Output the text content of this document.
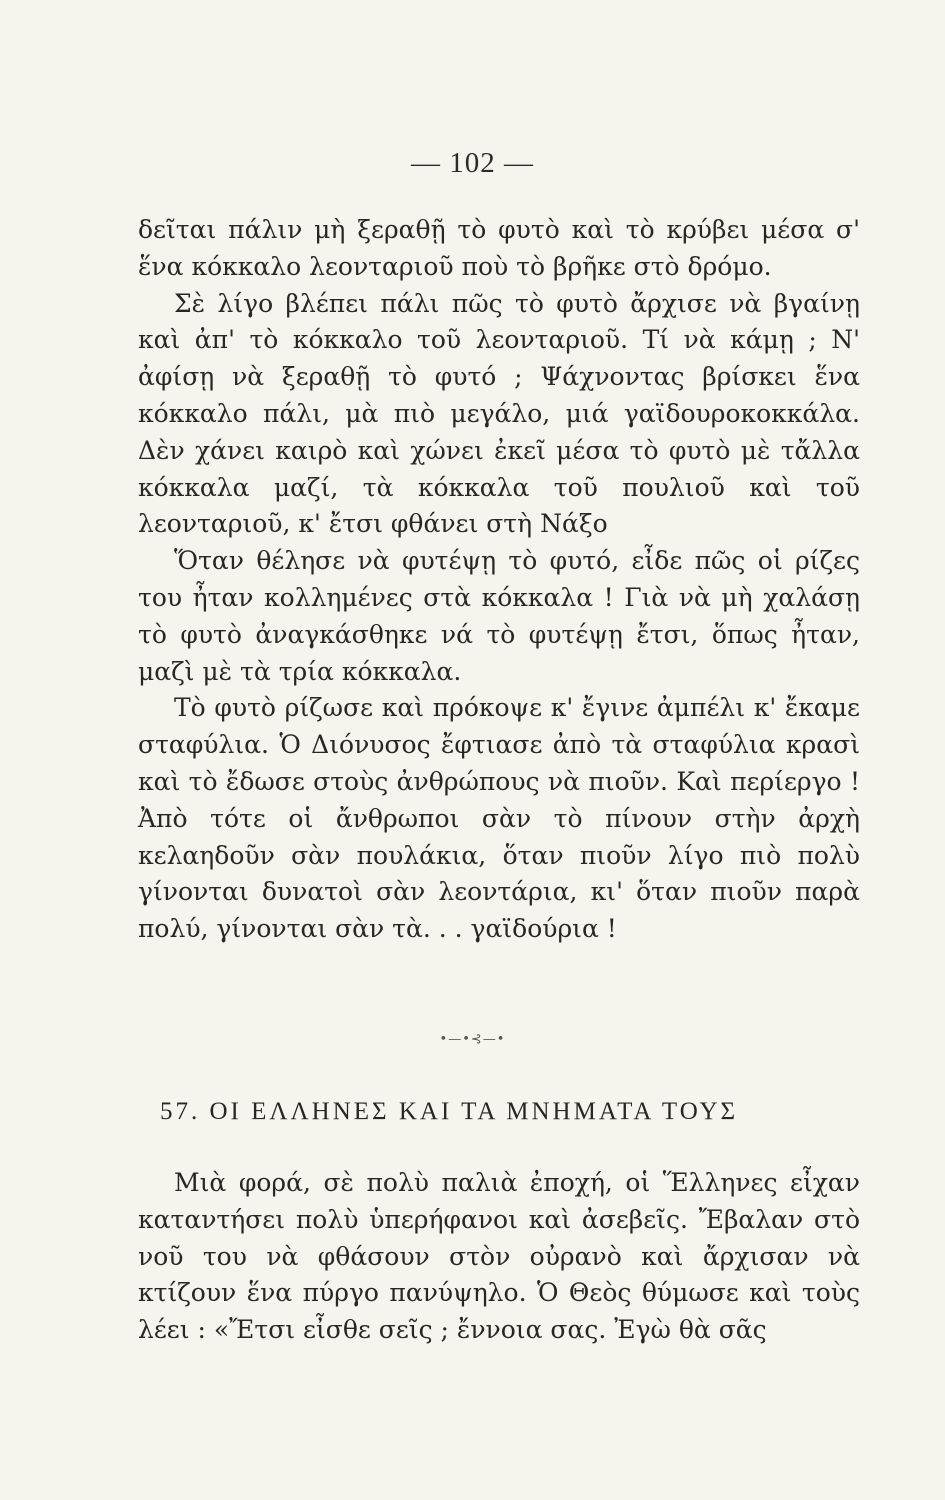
— 102 —

δεῖται πάλιν μὴ ξεραθῇ τὸ φυτὸ καὶ τὸ κρύβει μέσα σ' ἕνα κόκκαλο λεονταριοῦ ποὺ τὸ βρῆκε στὸ δρόμο.

Σὲ λίγο βλέπει πάλι πῶς τὸ φυτὸ ἄρχισε νὰ βγαίνῃ καὶ ἀπ' τὸ κόκκαλο τοῦ λεονταριοῦ. Τί νὰ κάμῃ ; Ν' ἀφίσῃ νὰ ξεραθῇ τὸ φυτό ; Ψάχνοντας βρίσκει ἕνα κόκκαλο πάλι, μὰ πιὸ μεγάλο, μιά γαϊδουροκοκκάλα. Δὲν χάνει καιρὸ καὶ χώνει ἐκεῖ μέσα τὸ φυτὸ μὲ τἄλλα κόκκαλα μαζί, τὰ κόκκαλα τοῦ πουλιοῦ καὶ τοῦ λεονταριοῦ, κ' ἔτσι φθάνει στὴ Νάξο

Ὅταν θέλησε νὰ φυτέψῃ τὸ φυτό, εἶδε πῶς οἱ ρίζες του ἦταν κολλημένες στὰ κόκκαλα ! Γιὰ νὰ μὴ χαλάσῃ τὸ φυτὸ ἀναγκάσθηκε νά τὸ φυτέψῃ ἔτσι, ὅπως ἦταν, μαζὶ μὲ τὰ τρία κόκκαλα.

Τὸ φυτὸ ρίζωσε καὶ πρόκοψε κ' ἔγινε ἀμπέλι κ' ἔκαμε σταφύλια. Ὁ Διόνυσος ἔφτιασε ἀπὸ τὰ σταφύλια κρασὶ καὶ τὸ ἔδωσε στοὺς ἀνθρώπους νὰ πιοῦν. Καὶ περίεργο ! Ἀπὸ τότε οἱ ἄνθρωποι σὰν τὸ πίνουν στὴν ἀρχὴ κελαηδοῦν σὰν πουλάκια, ὅταν πιοῦν λίγο πιὸ πολὺ γίνονται δυνατοὶ σὰν λεοντάρια, κι' ὅταν πιοῦν παρὰ πολύ, γίνονται σὰν τὰ. . . γαϊδούρια !

•—•⊰—•
57. ΟΙ ΕΛΛΗΝΕΣ ΚΑΙ ΤΑ ΜΝΗΜΑΤΑ ΤΟΥΣ

Μιὰ φορά, σὲ πολὺ παλιὰ ἐποχή, οἱ Ἕλληνες εἶχαν καταντήσει πολὺ ὑπερήφανοι καὶ ἀσεβεῖς. Ἔβαλαν στὸ νοῦ του νὰ φθάσουν στὸν οὐρανὸ καὶ ἄρχισαν νὰ κτίζουν ἕνα πύργο πανύψηλο. Ὁ Θεὸς θύμωσε καὶ τοὺς λέει : «Ἔτσι εἶσθε σεῖς ; ἔννοια σας. Ἐγὼ θὰ σᾶς
